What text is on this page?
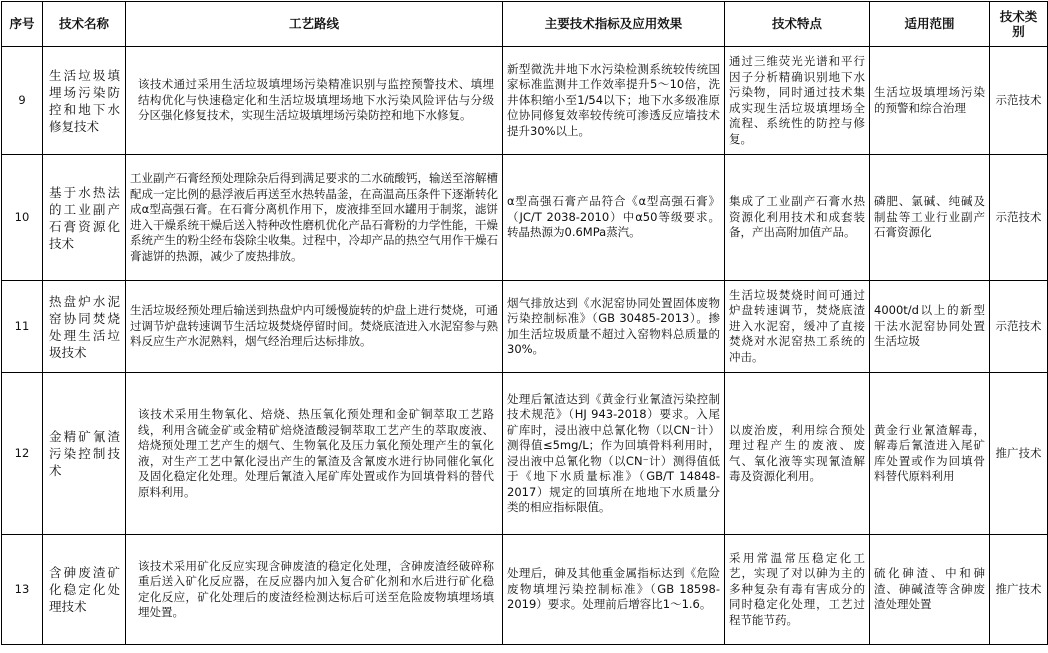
序号	技术名称	工艺路线	主要技术指标及应用效果	技术特点	适用范围	技术类别
9	生活垃圾填埋场污染防控和地下水修复技术	该技术通过采用生活垃圾填埋场污染精准识别与监控预警技术、填埋结构优化与快速稳定化和生活垃圾填埋场地下水污染风险评估与分级分区强化修复技术，实现生活垃圾填埋场污染防控和地下水修复。	新型微洗井地下水污染检测系统较传统国家标准监测井工作效率提升5～10倍，洗井体积缩小至1/54以下；地下水多级准原位协同修复效率较传统可渗透反应墙技术提升30%以上。	通过三维荧光光谱和平行因子分析精确识别地下水污染物，同时通过技术集成实现生活垃圾填埋场全流程、系统性的防控与修复。	生活垃圾填埋场污染的预警和综合治理	示范技术
10	基于水热法的工业副产石膏资源化技术	工业副产石膏经预处理除杂后得到满足要求的二水硫酸钙，输送至溶解槽配成一定比例的悬浮液后再送至水热转晶釜，在高温高压条件下逐渐转化成α型高强石膏。在石膏分离机作用下，废液排至回水罐用于制浆，滤饼进入干燥系统干燥后送入特种改性磨机优化产品石膏粉的力学性能，干燥系统产生的粉尘经布袋除尘收集。过程中，冷却产品的热空气用作干燥石膏滤饼的热源，减少了废热排放。	α型高强石膏产品符合《α型高强石膏》（JC/T 2038-2010）中α50等级要求。转晶热源为0.6MPa蒸汽。	集成了工业副产石膏水热资源化利用技术和成套装备，产出高附加值产品。	磷肥、氯碱、纯碱及制盐等工业行业副产石膏资源化	示范技术
11	热盘炉水泥窑协同焚烧处理生活垃圾技术	生活垃圾经预处理后输送到热盘炉内可缓慢旋转的炉盘上进行焚烧，可通过调节炉盘转速调节生活垃圾焚烧停留时间。焚烧底渣进入水泥窑参与熟料反应生产水泥熟料，烟气经治理后达标排放。	烟气排放达到《水泥窑协同处置固体废物污染控制标准》（GB 30485-2013）。掺加生活垃圾质量不超过入窑物料总质量的30%。	生活垃圾焚烧时间可通过炉盘转速调节，焚烧底渣进入水泥窑，缓冲了直接焚烧对水泥窑热工系统的冲击。	4000t/d以上的新型干法水泥窑协同处置生活垃圾	示范技术
12	金精矿氰渣污染控制技术	该技术采用生物氧化、焙烧、热压氧化预处理和金矿铜萃取工艺路线，利用含硫金矿或金精矿焙烧渣酸浸铜萃取工艺产生的萃取废液、焙烧预处理工艺产生的烟气、生物氧化及压力氧化预处理产生的氧化液，对生产工艺中氰化浸出产生的氰渣及含氰废水进行协同催化氧化及固化稳定化处理。处理后氰渣入尾矿库处置或作为回填骨料的替代原料利用。	处理后氰渣达到《黄金行业氰渣污染控制技术规范》（HJ 943-2018）要求。入尾矿库时，浸出液中总氰化物（以CN⁻计）测得值≤5mg/L；作为回填骨料利用时，浸出液中总氰化物（以CN⁻计）测得值低于《地下水质量标准》（GB/T 14848-2017）规定的回填所在地地下水质量分类的相应指标限值。	以废治废，利用综合预处理过程产生的废液、废气、氧化液等实现氰渣解毒及资源化利用。	黄金行业氰渣解毒，解毒后氰渣进入尾矿库处置或作为回填骨料替代原料利用	推广技术
13	含砷废渣矿化稳定化处理技术	该技术采用矿化反应实现含砷废渣的稳定化处理，含砷废渣经破碎称重后送入矿化反应器，在反应器内加入复合矿化剂和水后进行矿化稳定化反应，矿化处理后的废渣经检测达标后可送至危险废物填埋场填埋处置。	处理后，砷及其他重金属指标达到《危险废物填埋污染控制标准》（GB 18598-2019）要求。处理前后增容比1～1.6。	采用常温常压稳定化工艺，实现了对以砷为主的多种复杂有毒有害成分的同时稳定化处理，工艺过程节能节药。	硫化砷渣、中和砷渣、砷碱渣等含砷废渣处理处置	推广技术
